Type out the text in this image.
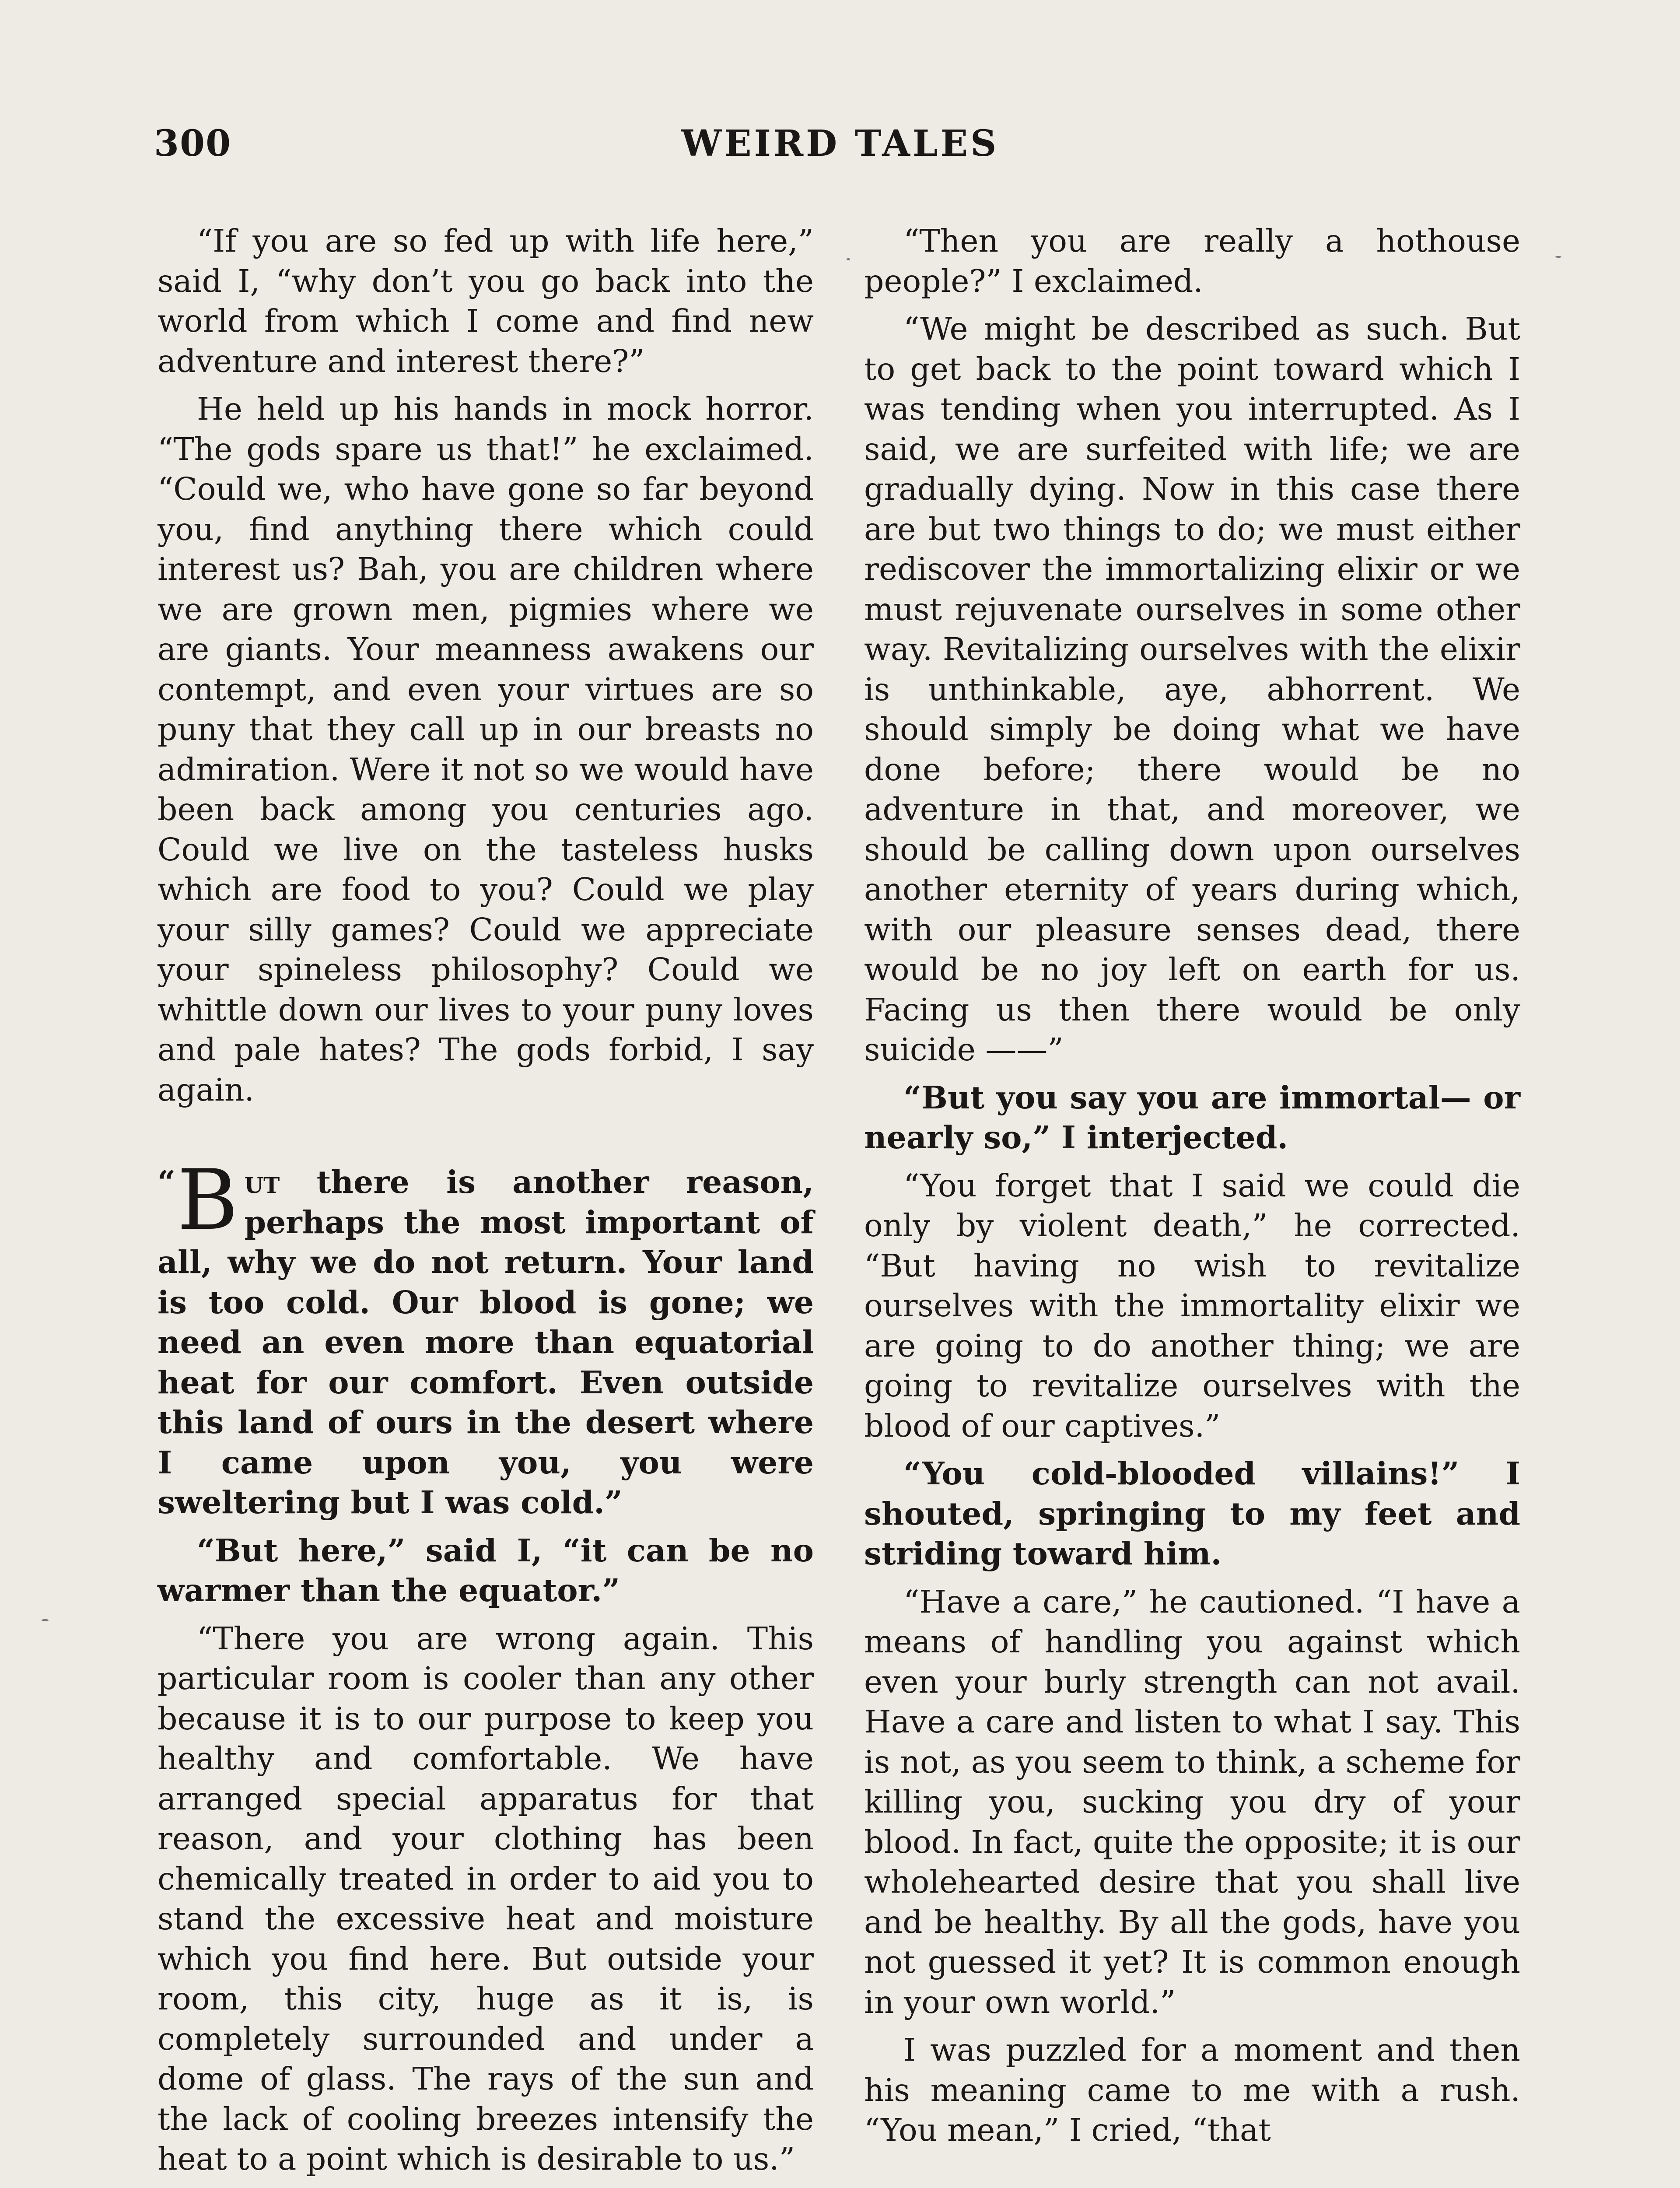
300	WEIRD TALES

“If you are so fed up with life here,” said I, “why don’t you go back into the world from which I come and find new adventure and interest there?”

He held up his hands in mock horror. “The gods spare us that!” he exclaimed. “Could we, who have gone so far beyond you, find anything there which could interest us? Bah, you are children where we are grown men, pigmies where we are giants. Your meanness awakens our contempt, and even your virtues are so puny that they call up in our breasts no admiration. Were it not so we would have been back among you centuries ago. Could we live on the tasteless husks which are food to you? Could we play your silly games? Could we appreciate your spineless philosophy? Could we whittle down our lives to your puny loves and pale hates? The gods forbid, I say again.

“ B ut there is another reason, perhaps the most important of all, why we do not return. Your land is too cold. Our blood is gone; we need an even more than equatorial heat for our comfort. Even outside this land of ours in the desert where I came upon you, you were sweltering but I was cold.”

“But here,” said I, “it can be no warmer than the equator.”

“There you are wrong again. This particular room is cooler than any other because it is to our purpose to keep you healthy and comfortable. We have arranged special apparatus for that reason, and your clothing has been chemically treated in order to aid you to stand the excessive heat and moisture which you find here. But outside your room, this city, huge as it is, is completely surrounded and under a dome of glass. The rays of the sun and the lack of cooling breezes intensify the heat to a point which is desirable to us.”

“Then you are really a hothouse people?” I exclaimed.

“We might be described as such. But to get back to the point toward which I was tending when you interrupted. As I said, we are surfeited with life; we are gradually dying. Now in this case there are but two things to do; we must either rediscover the immortalizing elixir or we must rejuvenate ourselves in some other way. Revitalizing ourselves with the elixir is unthinkable, aye, abhorrent. We should simply be doing what we have done before; there would be no adventure in that, and moreover, we should be calling down upon ourselves another eternity of years during which, with our pleasure senses dead, there would be no joy left on earth for us. Facing us then there would be only suicide ——”

“But you say you are immortal— or nearly so,” I interjected.

“You forget that I said we could die only by violent death,” he corrected. “But having no wish to revitalize ourselves with the immortality elixir we are going to do another thing; we are going to revitalize ourselves with the blood of our captives.”

“You cold-blooded villains!” I shouted, springing to my feet and striding toward him.

“Have a care,” he cautioned. “I have a means of handling you against which even your burly strength can not avail. Have a care and listen to what I say. This is not, as you seem to think, a scheme for killing you, sucking you dry of your blood. In fact, quite the opposite; it is our wholehearted desire that you shall live and be healthy. By all the gods, have you not guessed it yet? It is common enough in your own world.”

I was puzzled for a moment and then his meaning came to me with a rush. “You mean,” I cried, “that
